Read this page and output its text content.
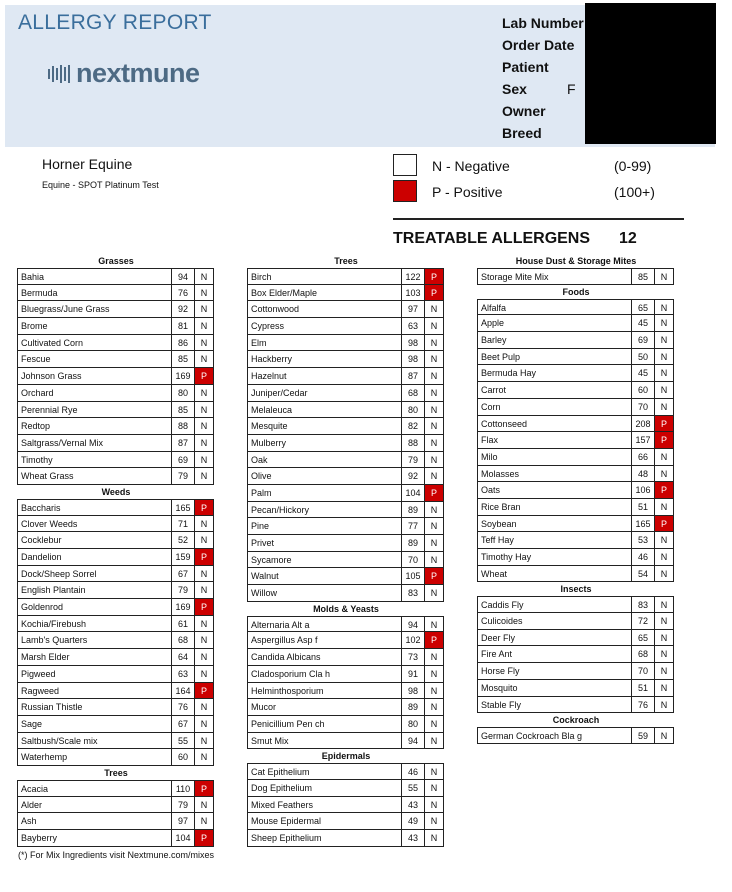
ALLERGY REPORT
nextmune
Lab Number
Order Date
Patient
Sex	F
Owner
Breed
Horner Equine
Equine - SPOT Platinum Test
N - Negative	(0-99)
P - Positive	(100+)
TREATABLE ALLERGENS 12
Grasses
Bahia	94	N
Bermuda	76	N
Bluegrass/June Grass	92	N
Brome	81	N
Cultivated Corn	86	N
Fescue	85	N
Johnson Grass	169	P
Orchard	80	N
Perennial Rye	85	N
Redtop	88	N
Saltgrass/Vernal Mix	87	N
Timothy	69	N
Wheat Grass	79	N
Weeds
Baccharis	165	P
Clover Weeds	71	N
Cocklebur	52	N
Dandelion	159	P
Dock/Sheep Sorrel	67	N
English Plantain	79	N
Goldenrod	169	P
Kochia/Firebush	61	N
Lamb's Quarters	68	N
Marsh Elder	64	N
Pigweed	63	N
Ragweed	164	P
Russian Thistle	76	N
Sage	67	N
Saltbush/Scale mix	55	N
Waterhemp	60	N
Trees
Acacia	110	P
Alder	79	N
Ash	97	N
Bayberry	104	P
Trees
Birch	122	P
Box Elder/Maple	103	P
Cottonwood	97	N
Cypress	63	N
Elm	98	N
Hackberry	98	N
Hazelnut	87	N
Juniper/Cedar	68	N
Melaleuca	80	N
Mesquite	82	N
Mulberry	88	N
Oak	79	N
Olive	92	N
Palm	104	P
Pecan/Hickory	89	N
Pine	77	N
Privet	89	N
Sycamore	70	N
Walnut	105	P
Willow	83	N
Molds & Yeasts
Alternaria Alt a	94	N
Aspergillus Asp f	102	P
Candida Albicans	73	N
Cladosporium Cla h	91	N
Helminthosporium	98	N
Mucor	89	N
Penicillium Pen ch	80	N
Smut Mix	94	N
Epidermals
Cat Epithelium	46	N
Dog Epithelium	55	N
Mixed Feathers	43	N
Mouse Epidermal	49	N
Sheep Epithelium	43	N
House Dust & Storage Mites
Storage Mite Mix	85	N
Foods
Alfalfa	65	N
Apple	45	N
Barley	69	N
Beet Pulp	50	N
Bermuda Hay	45	N
Carrot	60	N
Corn	70	N
Cottonseed	208	P
Flax	157	P
Milo	66	N
Molasses	48	N
Oats	106	P
Rice Bran	51	N
Soybean	165	P
Teff Hay	53	N
Timothy Hay	46	N
Wheat	54	N
Insects
Caddis Fly	83	N
Culicoides	72	N
Deer Fly	65	N
Fire Ant	68	N
Horse Fly	70	N
Mosquito	51	N
Stable Fly	76	N
Cockroach
German Cockroach Bla g	59	N
(*) For Mix Ingredients visit Nextmune.com/mixes
